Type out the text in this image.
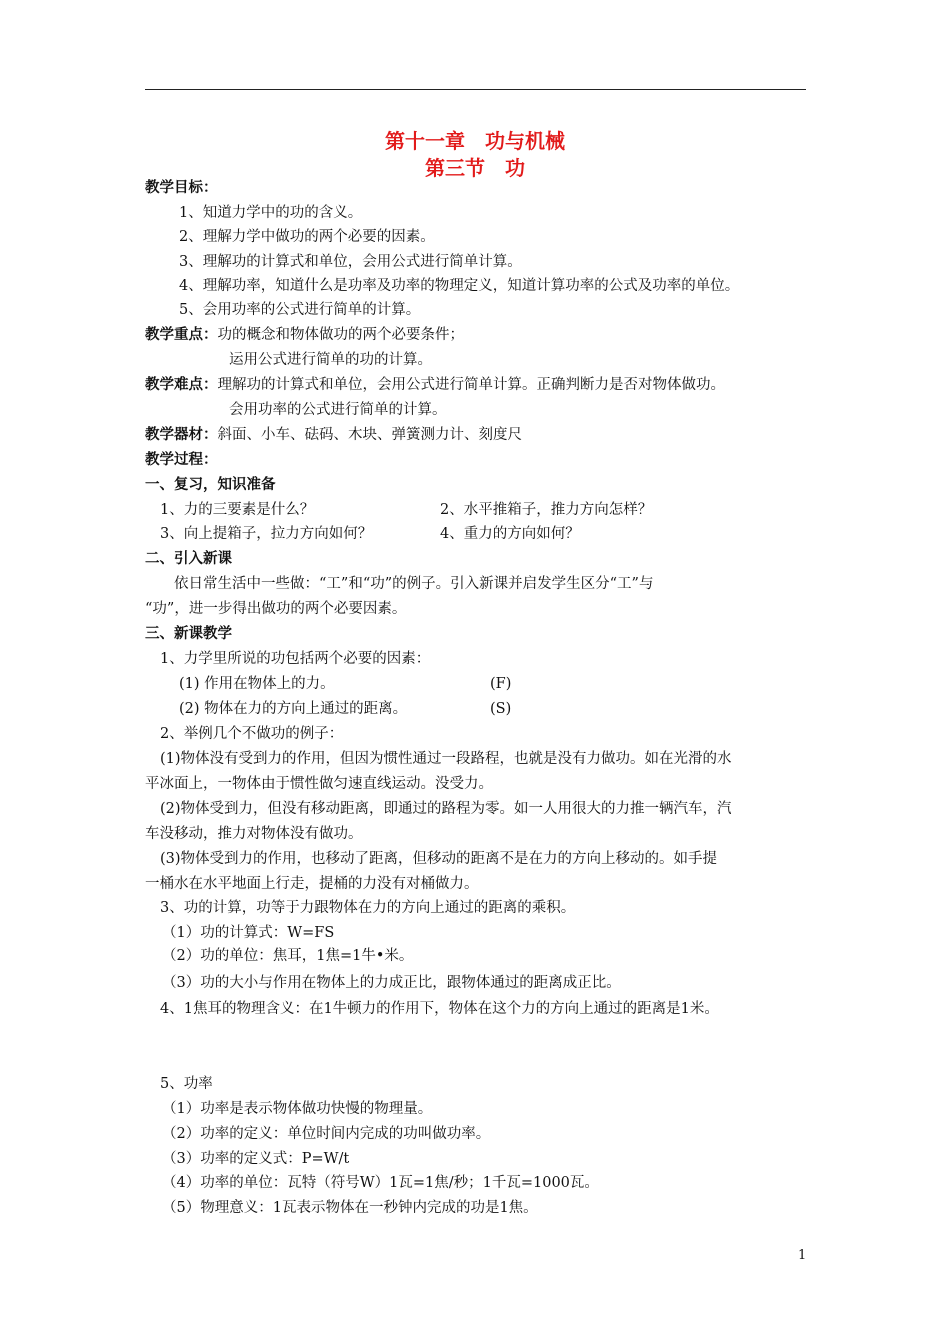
第十一章　功与机械
第三节　功
教学目标：
1、知道力学中的功的含义。
2、理解力学中做功的两个必要的因素。
3、理解功的计算式和单位，会用公式进行简单计算。
4、理解功率，知道什么是功率及功率的物理定义，知道计算功率的公式及功率的单位。
5、会用功率的公式进行简单的计算。
教学重点：功的概念和物体做功的两个必要条件；
运用公式进行简单的功的计算。
教学难点：理解功的计算式和单位，会用公式进行简单计算。正确判断力是否对物体做功。
会用功率的公式进行简单的计算。
教学器材：斜面、小车、砝码、木块、弹簧测力计、刻度尺
教学过程：
一、复习，知识准备
1、力的三要素是什么？	2、水平推箱子，推力方向怎样？
3、向上提箱子，拉力方向如何？	4、重力的方向如何？
二、引入新课
依日常生活中一些做：“工”和“功”的例子。引入新课并启发学生区分“工”与
“功”，进一步得出做功的两个必要因素。
三、新课教学
1、力学里所说的功包括两个必要的因素：
(1) 作用在物体上的力。	(F)
(2) 物体在力的方向上通过的距离。	(S)
2、举例几个不做功的例子：
(1)物体没有受到力的作用，但因为惯性通过一段路程，也就是没有力做功。如在光滑的水
平冰面上，一物体由于惯性做匀速直线运动。没受力。
(2)物体受到力，但没有移动距离，即通过的路程为零。如一人用很大的力推一辆汽车，汽
车没移动，推力对物体没有做功。
(3)物体受到力的作用，也移动了距离，但移动的距离不是在力的方向上移动的。如手提
一桶水在水平地面上行走，提桶的力没有对桶做力。
3、功的计算，功等于力跟物体在力的方向上通过的距离的乘积。
（1）功的计算式：W=FS
（2）功的单位：焦耳，1焦=1牛•米。
（3）功的大小与作用在物体上的力成正比，跟物体通过的距离成正比。
4、1焦耳的物理含义：在1牛顿力的作用下，物体在这个力的方向上通过的距离是1米。
5、功率
（1）功率是表示物体做功快慢的物理量。
（2）功率的定义：单位时间内完成的功叫做功率。
（3）功率的定义式：P=W/t
（4）功率的单位：瓦特（符号W）1瓦=1焦/秒；1千瓦=1000瓦。
（5）物理意义：1瓦表示物体在一秒钟内完成的功是1焦。
1
